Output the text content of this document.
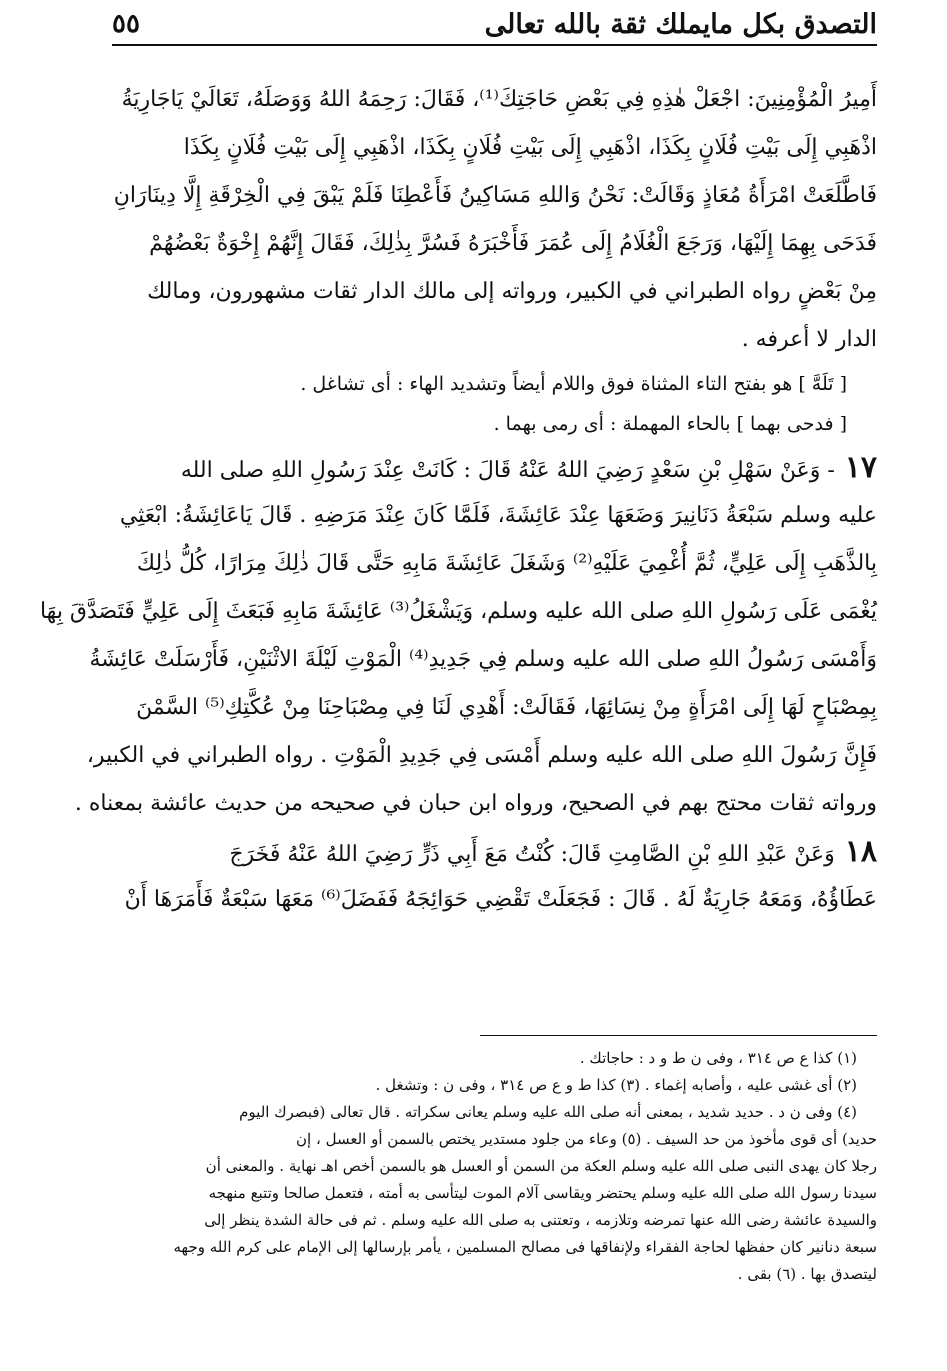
٥٥	التصدق بكل مايملك ثقة بالله تعالى
أَمِيرُ الْمُؤْمِنِينَ: اجْعَلْ هٰذِهِ فِي بَعْضِ حَاجَتِكَ⁽¹⁾، فَقَالَ: رَحِمَهُ اللهُ وَوَصَلَهُ، تَعَالَيْ يَاجَارِيَةُ
اذْهَبِي إِلَى بَيْتِ فُلَانٍ بِكَذَا، اذْهَبِي إِلَى بَيْتِ فُلَانٍ بِكَذَا، اذْهَبِي إِلَى بَيْتِ فُلَانٍ بِكَذَا
فَاطَّلَعَتْ امْرَأَةُ مُعَاذٍ وَقَالَتْ: نَحْنُ وَاللهِ مَسَاكِينُ فَأَعْطِنَا فَلَمْ يَبْقَ فِي الْخِرْقَةِ إِلَّا دِينَارَانِ
فَدَحَى بِهِمَا إِلَيْهَا، وَرَجَعَ الْغُلَامُ إِلَى عُمَرَ فَأَخْبَرَهُ فَسُرَّ بِذٰلِكَ، فَقَالَ إِنَّهُمْ إِخْوَةٌ بَعْضُهُمْ
مِنْ بَعْضٍ رواه الطبراني في الكبير، ورواته إلى مالك الدار ثقات مشهورون، ومالك
الدار لا أعرفه .
[ تَلَهَّ ] هو بفتح التاء المثناة فوق واللام أيضاً وتشديد الهاء : أى تشاغل .
[ فدحى بهما ] بالحاء المهملة : أى رمى بهما .
١٧- وَعَنْ سَهْلِ بْنِ سَعْدٍ رَضِيَ اللهُ عَنْهُ قَالَ : كَانَتْ عِنْدَ رَسُولِ اللهِ صلى الله
عليه وسلم سَبْعَةُ دَنَانِيرَ وَضَعَهَا عِنْدَ عَائِشَةَ، فَلَمَّا كَانَ عِنْدَ مَرَضِهِ . قَالَ يَاعَائِشَةُ: ابْعَثِي
بِالذَّهَبِ إِلَى عَلِيٍّ، ثُمَّ أُغْمِيَ عَلَيْهِ⁽²⁾ وَشَغَلَ عَائِشَةَ مَابِهِ حَتَّى قَالَ ذٰلِكَ مِرَارًا، كُلُّ ذٰلِكَ
يُغْمَى عَلَى رَسُولِ اللهِ صلى الله عليه وسلم، وَيَشْغَلُ⁽³⁾ عَائِشَةَ مَابِهِ فَبَعَثَ إِلَى عَلِيٍّ فَتَصَدَّقَ بِهَا
وَأَمْسَى رَسُولُ اللهِ صلى الله عليه وسلم فِي جَدِيدِ⁽⁴⁾ الْمَوْتِ لَيْلَةَ الاثْنَيْنِ، فَأَرْسَلَتْ عَائِشَةُ
بِمِصْبَاحٍ لَهَا إِلَى امْرَأَةٍ مِنْ نِسَائِهَا، فَقَالَتْ: أَهْدِي لَنَا فِي مِصْبَاحِنَا مِنْ عُكَّتِكِ⁽⁵⁾ السَّمْنَ
فَإِنَّ رَسُولَ اللهِ صلى الله عليه وسلم أَمْسَى فِي جَدِيدِ الْمَوْتِ . رواه الطبراني في الكبير،
ورواته ثقات محتج بهم في الصحيح، ورواه ابن حبان في صحيحه من حديث عائشة بمعناه .
١٨وَعَنْ عَبْدِ اللهِ بْنِ الصَّامِتِ قَالَ: كُنْتُ مَعَ أَبِي ذَرٍّ رَضِيَ اللهُ عَنْهُ فَخَرَجَ
عَطَاؤُهُ، وَمَعَهُ جَارِيَةٌ لَهُ . قَالَ : فَجَعَلَتْ تَقْضِي حَوَائِجَهُ فَفَضَلَ⁽⁶⁾ مَعَهَا سَبْعَةٌ فَأَمَرَهَا أَنْ
(١) كذا ع ص ٣١٤ ، وفى ن ط و د : حاجاتك .
(٢) أى غشى عليه ، وأصابه إغماء . (٣) كذا ط و ع ص ٣١٤ ، وفى ن : وتشغل .
(٤) وفى ن د . حديد شديد ، بمعنى أنه صلى الله عليه وسلم يعانى سكراته . قال تعالى (فبصرك اليوم
حديد) أى قوى مأخوذ من حد السيف . (٥) وعاء من جلود مستدير يختص بالسمن أو العسل ، إن
رجلا كان يهدى النبى صلى الله عليه وسلم العكة من السمن أو العسل هو بالسمن أخص اهـ نهاية . والمعنى أن
سيدنا رسول الله صلى الله عليه وسلم يحتضر ويقاسى آلام الموت ليتأسى به أمته ، فتعمل صالحا وتتبع منهجه
والسيدة عائشة رضى الله عنها تمرضه وتلازمه ، وتعتنى به صلى الله عليه وسلم . ثم فى حالة الشدة ينظر إلى
سبعة دنانير كان حفظها لحاجة الفقراء ولإنفاقها فى مصالح المسلمين ، يأمر بإرسالها إلى الإمام على كرم الله وجهه
ليتصدق بها . (٦) بقى .
